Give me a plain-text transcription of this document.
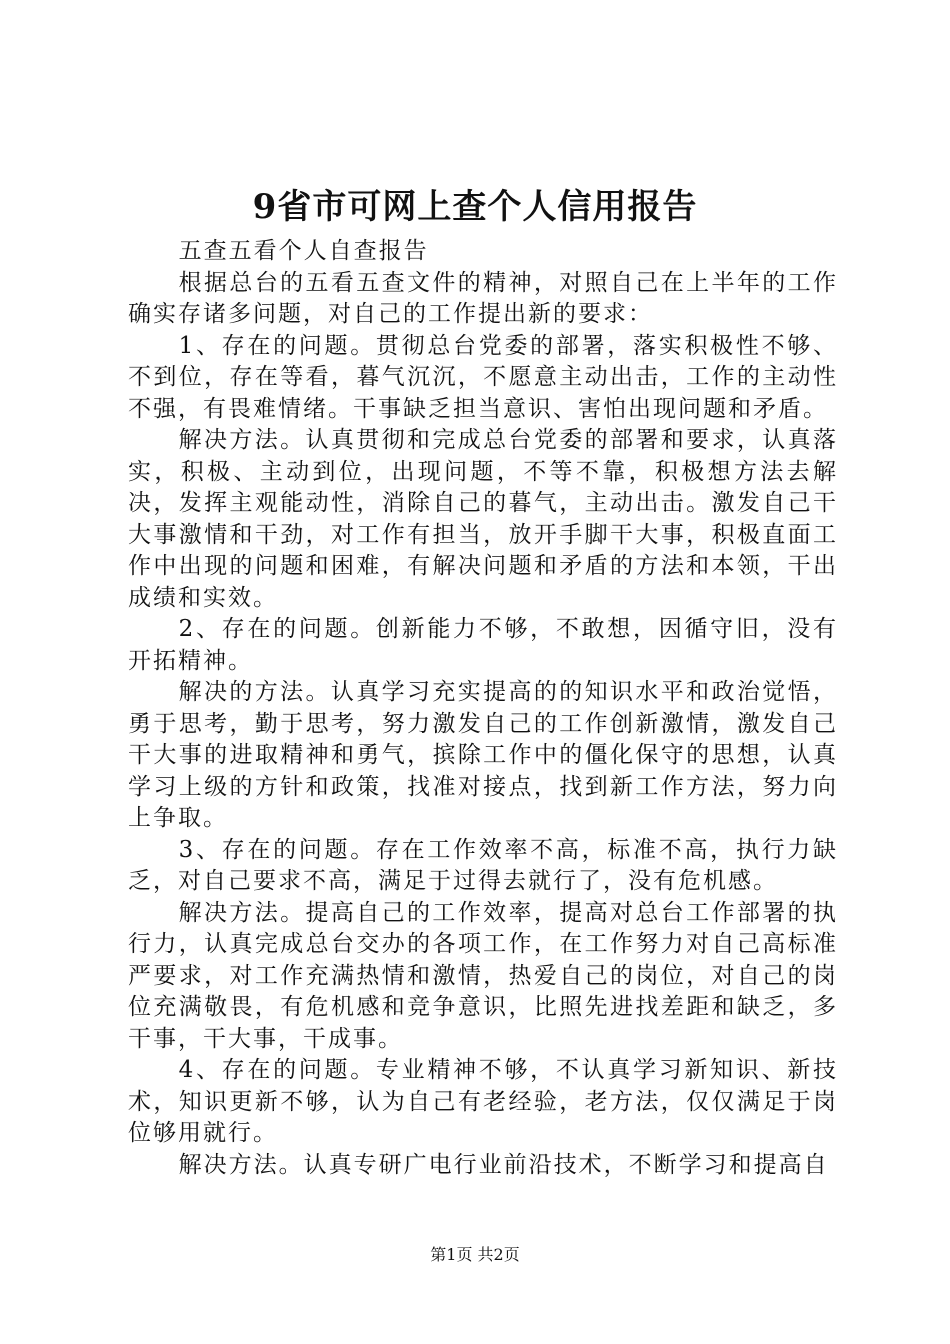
9省市可网上查个人信用报告

五查五看个人自查报告

根据总台的五看五查文件的精神，对照自己在上半年的工作确实存诸多问题，对自己的工作提出新的要求：

1、存在的问题。贯彻总台党委的部署，落实积极性不够、不到位，存在等看，暮气沉沉，不愿意主动出击，工作的主动性不强，有畏难情绪。干事缺乏担当意识、害怕出现问题和矛盾。

解决方法。认真贯彻和完成总台党委的部署和要求，认真落实，积极、主动到位，出现问题，不等不靠，积极想方法去解决，发挥主观能动性，消除自己的暮气，主动出击。激发自己干大事激情和干劲，对工作有担当，放开手脚干大事，积极直面工作中出现的问题和困难，有解决问题和矛盾的方法和本领，干出成绩和实效。

2、存在的问题。创新能力不够，不敢想，因循守旧，没有开拓精神。

解决的方法。认真学习充实提高的的知识水平和政治觉悟，勇于思考，勤于思考，努力激发自己的工作创新激情，激发自己干大事的进取精神和勇气，摈除工作中的僵化保守的思想，认真学习上级的方针和政策，找准对接点，找到新工作方法，努力向上争取。

3、存在的问题。存在工作效率不高，标准不高，执行力缺乏，对自己要求不高，满足于过得去就行了，没有危机感。

解决方法。提高自己的工作效率，提高对总台工作部署的执行力，认真完成总台交办的各项工作，在工作努力对自己高标准严要求，对工作充满热情和激情，热爱自己的岗位，对自己的岗位充满敬畏，有危机感和竞争意识，比照先进找差距和缺乏，多干事，干大事，干成事。

4、存在的问题。专业精神不够，不认真学习新知识、新技术，知识更新不够，认为自己有老经验，老方法，仅仅满足于岗位够用就行。

解决方法。认真专研广电行业前沿技术，不断学习和提高自

第1页 共2页
